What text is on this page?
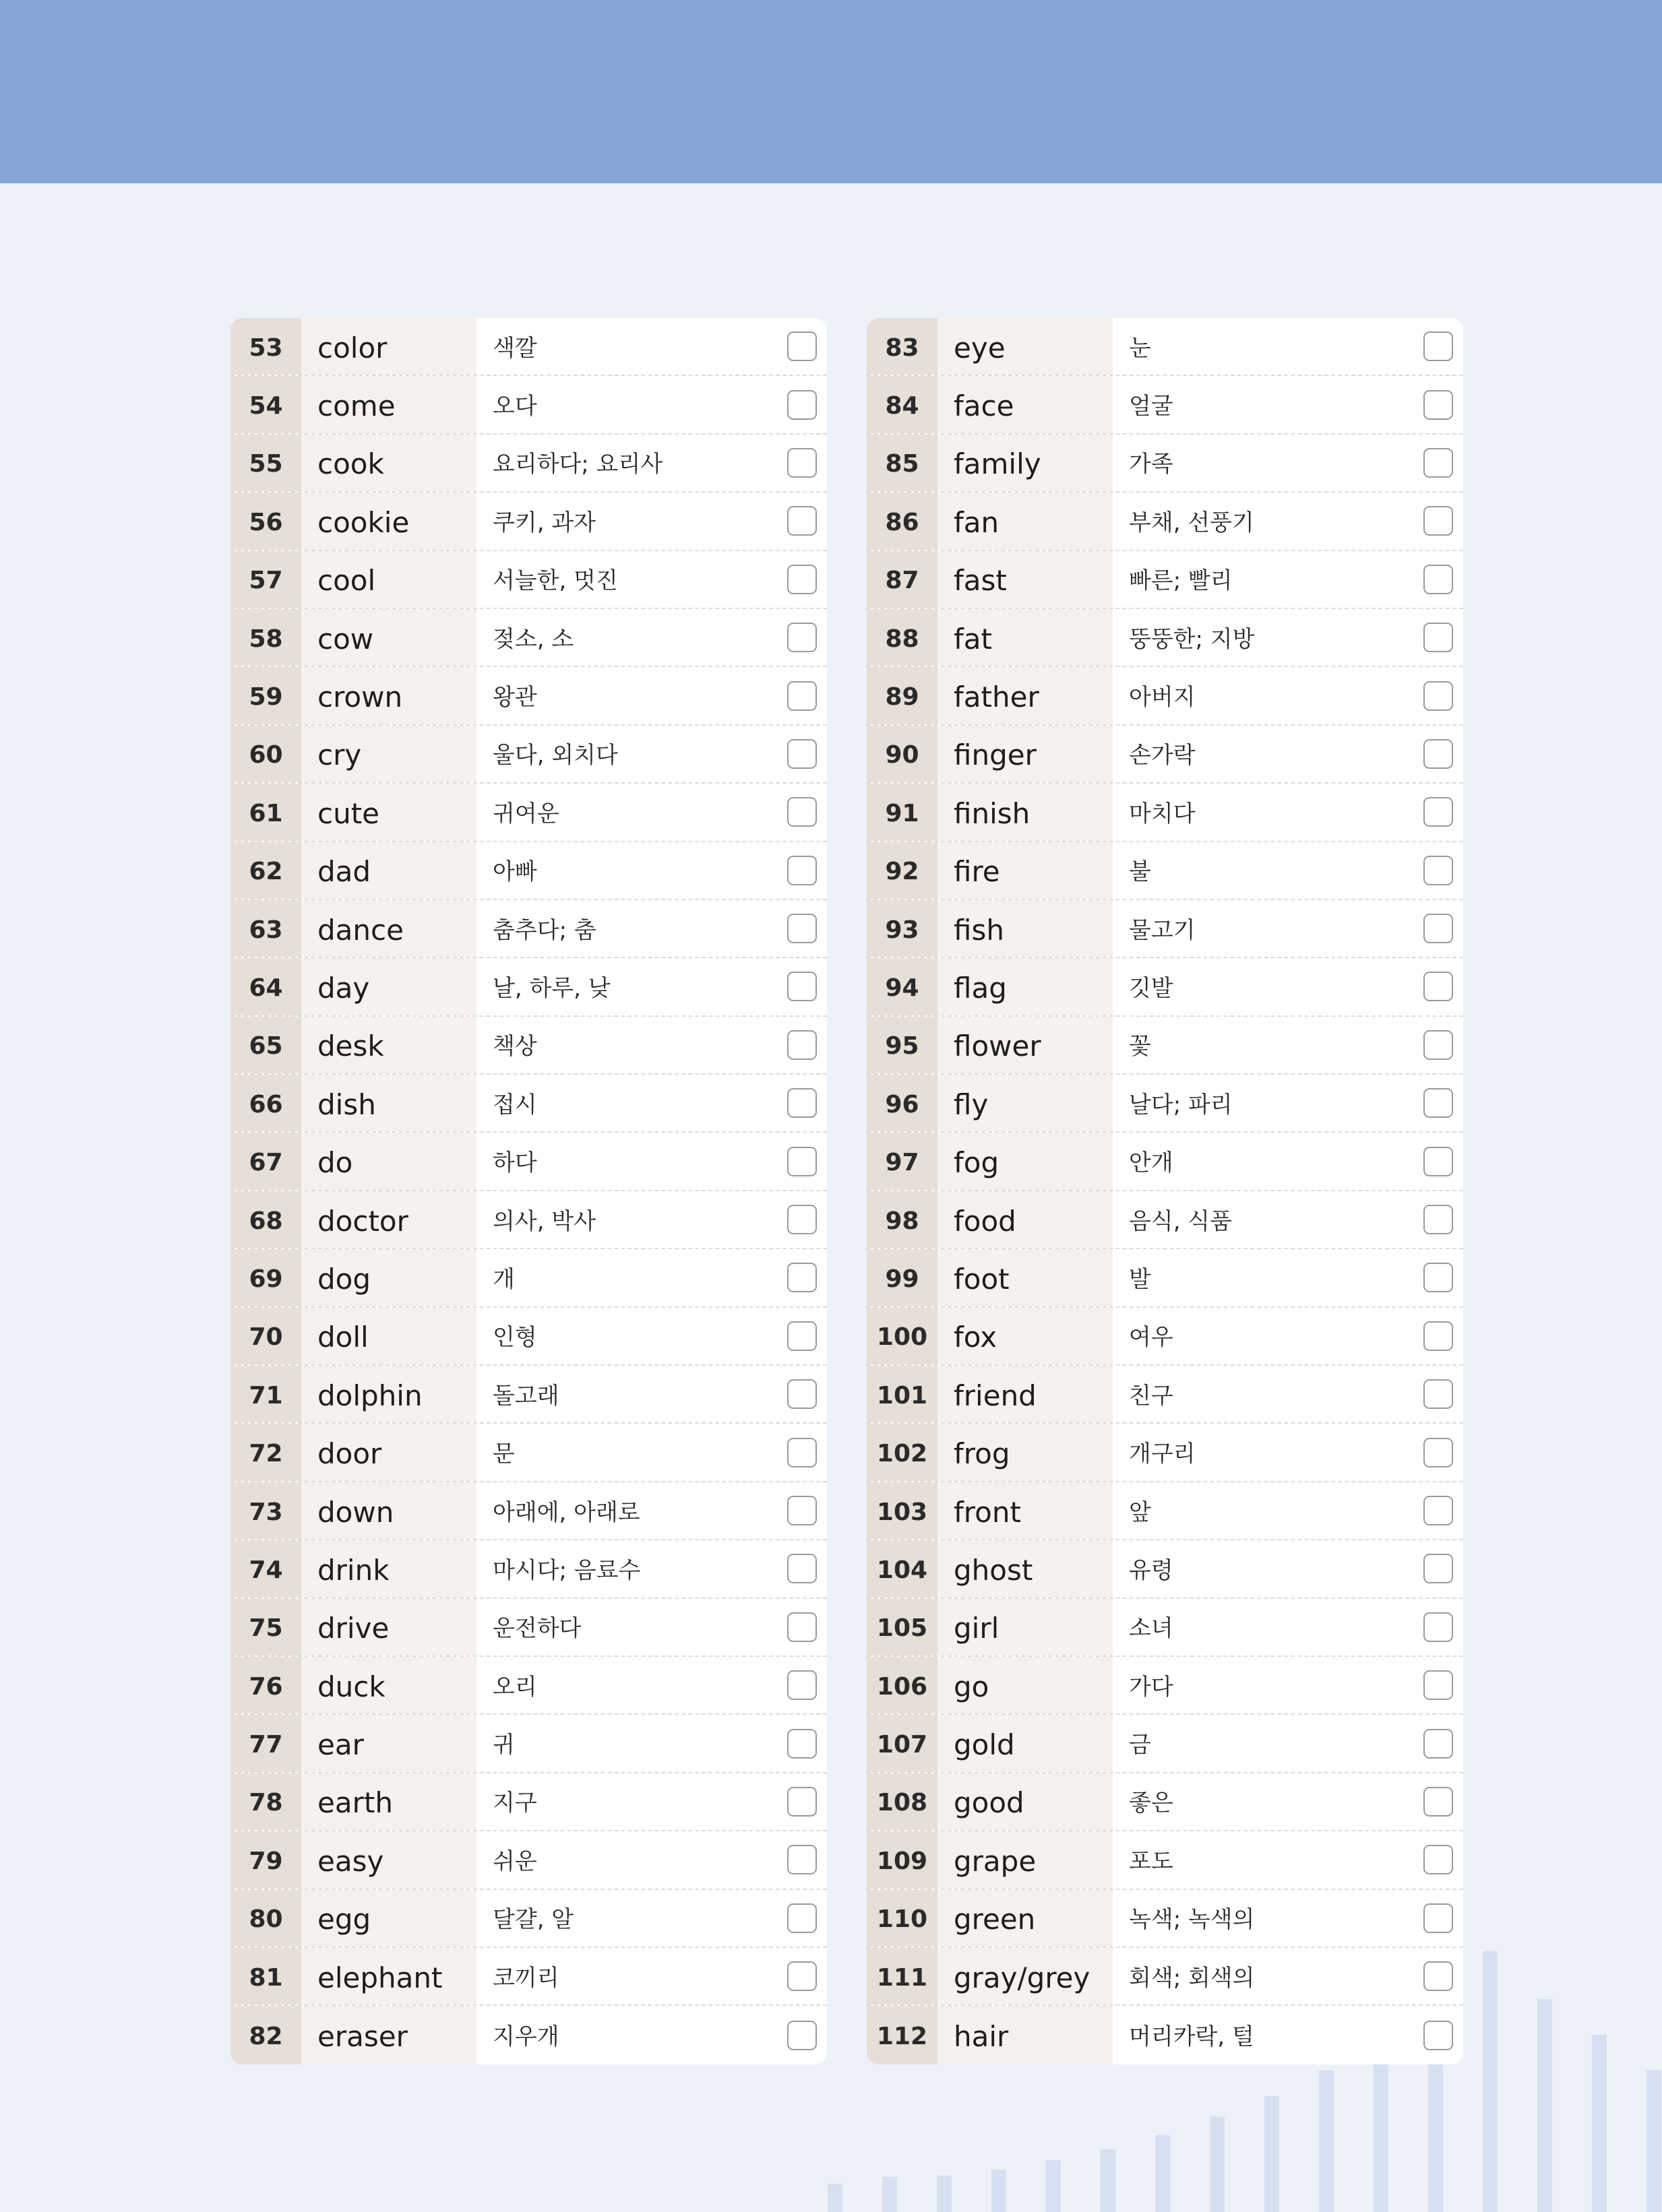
53	color	색깔
54	come	오다
55	cook	요리하다; 요리사
56	cookie	쿠키, 과자
57	cool	서늘한, 멋진
58	cow	젖소, 소
59	crown	왕관
60	cry	울다, 외치다
61	cute	귀여운
62	dad	아빠
63	dance	춤추다; 춤
64	day	날, 하루, 낮
65	desk	책상
66	dish	접시
67	do	하다
68	doctor	의사, 박사
69	dog	개
70	doll	인형
71	dolphin	돌고래
72	door	문
73	down	아래에, 아래로
74	drink	마시다; 음료수
75	drive	운전하다
76	duck	오리
77	ear	귀
78	earth	지구
79	easy	쉬운
80	egg	달걀, 알
81	elephant	코끼리
82	eraser	지우개
83	eye	눈
84	face	얼굴
85	family	가족
86	fan	부채, 선풍기
87	fast	빠른; 빨리
88	fat	뚱뚱한; 지방
89	father	아버지
90	finger	손가락
91	finish	마치다
92	fire	불
93	fish	물고기
94	flag	깃발
95	flower	꽃
96	fly	날다; 파리
97	fog	안개
98	food	음식, 식품
99	foot	발
100 fox	여우
101 friend	친구
102 frog	개구리
103 front	앞
104 ghost	유령
105 girl	소녀
106 go	가다
107 gold	금
108 good	좋은
109 grape	포도
110 green	녹색; 녹색의
111 gray/grey	회색; 회색의
112 hair	머리카락, 털
